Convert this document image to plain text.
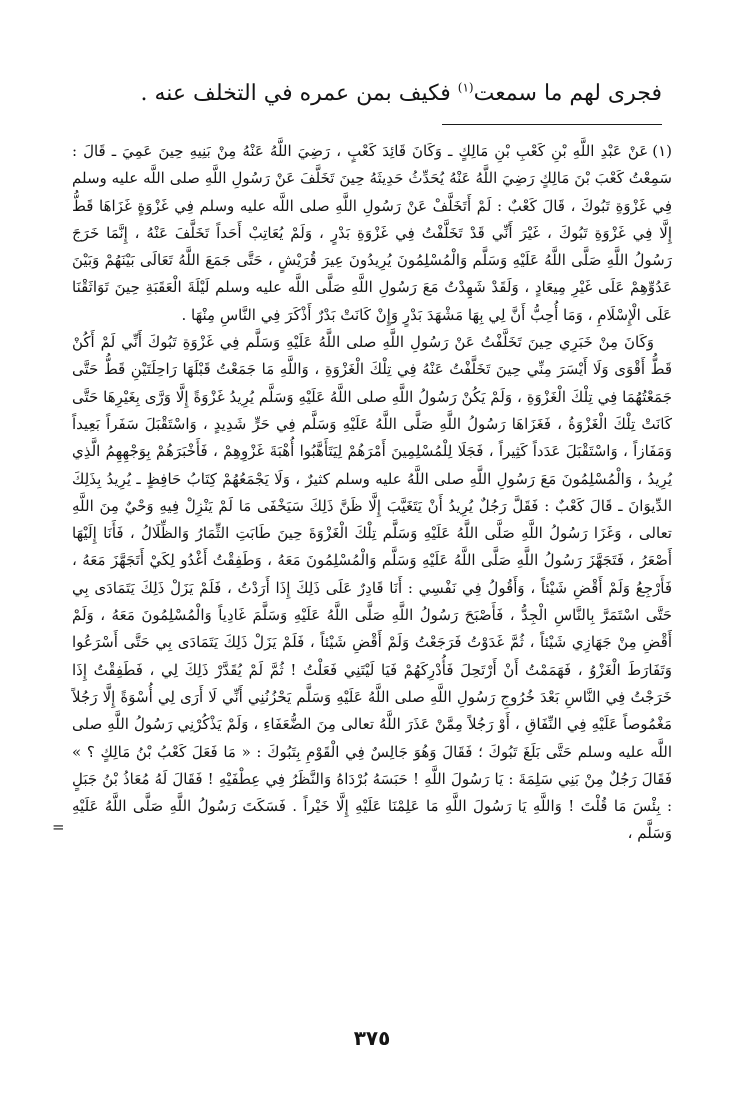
فجرى لهم ما سمعت$^{(١)}$ فكيف بمن عمره في التخلف عنه .

(١)عَنْ عَبْدِ اللَّهِ بْنِ كَعْبِ بْنِ مَالِكٍ ـ وَكَانَ قَائِدَ كَعْبٍ ، رَضِيَ اللَّهُ عَنْهُ مِنْ بَنِيهِ حِينَ عَمِيَ ـ قَالَ : سَمِعْتُ كَعْبَ بْنَ مَالِكٍ رَضِيَ اللَّهُ عَنْهُ يُحَدِّثُ حَدِيثَهُ حِينَ تَخَلَّفَ عَنْ رَسُولِ اللَّهِ صلى اللَّه عليه وسلم فِي غَزْوَةِ تَبُوكَ ، قَالَ كَعْبٌ : لَمْ أَتَخَلَّفْ عَنْ رَسُولِ اللَّهِ صلى اللَّه عليه وسلم فِي غَزْوَةٍ غَزَاهَا قَطُّ إِلَّا فِي غَزْوَةِ تَبُوكَ ، غَيْرَ أَنِّي قَدْ تَخَلَّفْتُ فِي غَزْوَةِ بَدْرٍ ، وَلَمْ يُعَاتِبْ أَحَداً تَخَلَّفَ عَنْهُ ، إِنَّمَا خَرَجَ رَسُولُ اللَّهِ صَلَّى اللَّهُ عَلَيْهِ وَسَلَّم وَالْمُسْلِمُونَ يُرِيدُونَ عِيرَ قُرَيْشٍ ، حَتَّى جَمَعَ اللَّهُ تَعَالَى بَيْنَهُمْ وَبَيْنَ عَدُوِّهِمْ عَلَى غَيْرِ مِيعَادٍ ، وَلَقَدْ شَهِدْتُ مَعَ رَسُولِ اللَّهِ صَلَّى اللَّه عليه وسلم لَيْلَةَ الْعَقَبَةِ حِينَ تَوَاثَقْنَا عَلَى الْإِسْلَامِ ، وَمَا أُحِبُّ أَنَّ لِي بِهَا مَشْهَدَ بَدْرٍ وَإِنْ كَانَتْ بَدْرٌ أَذْكَرَ فِي النَّاسِ مِنْهَا .

وَكَانَ مِنْ خَبَرِي حِينَ تَخَلَّفْتُ عَنْ رَسُولِ اللَّهِ صلى اللَّهُ عَلَيْهِ وَسَلَّم فِي غَزْوَةِ تَبُوكَ أَنِّي لَمْ أَكُنْ قَطُّ أَقْوَى وَلَا أَيْسَرَ مِنِّي حِينَ تَخَلَّفْتُ عَنْهُ فِي تِلْكَ الْغَزْوَةِ ، وَاللَّهِ مَا جَمَعْتُ قَبْلَهَا رَاحِلَتَيْنِ قَطُّ حَتَّى جَمَعْتُهُمَا فِي تِلْكَ الْغَزْوَةِ ، وَلَمْ يَكُنْ رَسُولُ اللَّهِ صلى اللَّهُ عَلَيْهِ وَسَلَّم يُرِيدُ غَزْوَةً إِلَّا وَرَّى بِغَيْرِهَا حَتَّى كَانَتْ تِلْكَ الْغَزْوَةُ ، فَغَزَاهَا رَسُولُ اللَّهِ صَلَّى اللَّهُ عَلَيْهِ وَسَلَّم فِي حَرٍّ شَدِيدٍ ، وَاسْتَقْبَلَ سَفَراً بَعِيداً وَمَفَازاً ، وَاسْتَقْبَلَ عَدَداً كَثِيراً ، فَجَلَا لِلْمُسْلِمِينَ أَمْرَهُمْ لِيَتَأَهَّبُوا أُهْبَةَ غَزْوِهِمْ ، فَأَخْبَرَهُمْ بِوَجْهِهِمُ الَّذِي يُرِيدُ ، وَالْمُسْلِمُونَ مَعَ رَسُولِ اللَّهِ صلى اللَّهُ عليه وسلم كثيرٌ ، وَلَا يَجْمَعُهُمْ كِتَابُ حَافِظٍ ـ يُرِيدُ بِذَلِكَ الدِّيوَانَ ـ قَالَ كَعْبٌ : فَقَلَّ رَجُلٌ يُرِيدُ أَنْ يَتَغَيَّبَ إِلَّا ظَنَّ ذَلِكَ سَيَخْفَى مَا لَمْ يَنْزِلْ فِيهِ وَحْيٌ مِنَ اللَّهِ تعالى ، وَغَزَا رَسُولُ اللَّهِ صَلَّى اللَّهُ عَلَيْهِ وَسَلَّم تِلْكَ الْغَزْوَةَ حِينَ طَابَتِ الثِّمَارُ وَالظِّلَالُ ، فَأَنَا إِلَيْهَا أَصْعَرُ ، فَتَجَهَّزَ رَسُولُ اللَّهِ صَلَّى اللَّهُ عَلَيْهِ وَسَلَّم وَالْمُسْلِمُونَ مَعَهُ ، وَطَفِقْتُ أَغْدُو لِكَيْ أَتَجَهَّزَ مَعَهُ ، فَأَرْجِعُ وَلَمْ أَقْضِ شَيْئاً ، وَأَقُولُ فِي نَفْسِي : أَنَا قَادِرٌ عَلَى ذَلِكَ إِذَا أَرَدْتُ ، فَلَمْ يَزَلْ ذَلِكَ يَتَمَادَى بِي حَتَّى اسْتَمَرَّ بِالنَّاسِ الْجِدُّ ، فَأَصْبَحَ رَسُولُ اللَّهِ صَلَّى اللَّهُ عَلَيْهِ وَسَلَّمَ غَادِياً وَالْمُسْلِمُونَ مَعَهُ ، وَلَمْ أَقْضِ مِنْ جَهَازِي شَيْئاً ، ثُمَّ غَدَوْتُ فَرَجَعْتُ وَلَمْ أَقْضِ شَيْئاً ، فَلَمْ يَزَلْ ذَلِكَ يَتَمَادَى بِي حَتَّى أَسْرَعُوا وَتَفَارَطَ الْغَزْوُ ، فَهَمَمْتُ أَنْ أَرْتَحِلَ فَأُدْرِكَهُمْ فَيَا لَيْتَنِي فَعَلْتُ ! ثُمَّ لَمْ يُقَدَّرْ ذَلِكَ لِي ، فَطَفِقْتُ إِذَا خَرَجْتُ فِي النَّاسِ بَعْدَ خُرُوجِ رَسُولِ اللَّهِ صلى اللَّهُ عَلَيْهِ وَسَلَّم يَحْزُنُنِي أَنِّي لَا أَرَى لِي أُسْوَةً إِلَّا رَجُلاً مَغْمُوصاً عَلَيْهِ فِي النِّفَاقِ ، أَوْ رَجُلاً مِمَّنْ عَذَرَ اللَّهُ تعالى مِنَ الضُّعَفَاءِ ، وَلَمْ يَذْكُرْنِي رَسُولُ اللَّهِ صلى اللَّه عليه وسلم حَتَّى بَلَغَ تَبُوكَ ؛ فَقَالَ وَهُوَ جَالِسٌ فِي الْقَوْمِ بِتَبُوكَ : « مَا فَعَلَ كَعْبُ بْنُ مَالِكٍ ؟ » فَقَالَ رَجُلٌ مِنْ بَنِي سَلِمَةَ : يَا رَسُولَ اللَّهِ ! حَبَسَهُ بُرْدَاهُ وَالنَّظَرُ فِي عِطْفَيْهِ ! فَقَالَ لَهُ مُعَاذُ بْنُ جَبَلٍ : بِئْسَ مَا قُلْتَ ! وَاللَّهِ يَا رَسُولَ اللَّهِ مَا عَلِمْنَا عَلَيْهِ إِلَّا خَيْراً . فَسَكَتَ رَسُولُ اللَّهِ صَلَّى اللَّهُ عَلَيْهِ وَسَلَّم ،

=
٣٧٥
